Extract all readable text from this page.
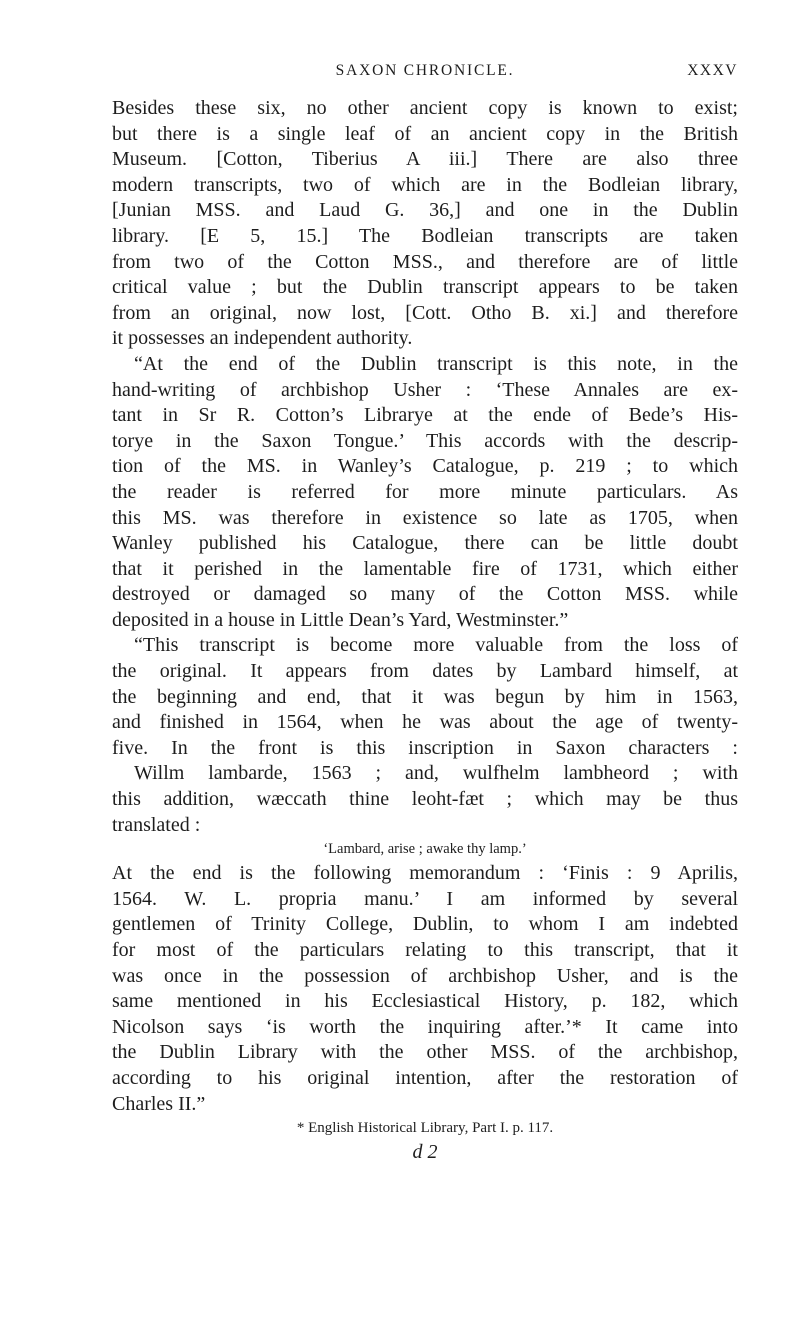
SAXON CHRONICLE.	XXXV
Besides these six, no other ancient copy is known to exist;
but there is a single leaf of an ancient copy in the British
Museum. [Cotton, Tiberius A iii.] There are also three
modern transcripts, two of which are in the Bodleian library,
[Junian MSS. and Laud G. 36,] and one in the Dublin
library. [E 5, 15.] The Bodleian transcripts are taken
from two of the Cotton MSS., and therefore are of little
critical value ; but the Dublin transcript appears to be taken
from an original, now lost, [Cott. Otho B. xi.] and therefore
it possesses an independent authority.
“At the end of the Dublin transcript is this note, in the
hand-writing of archbishop Usher : ‘These Annales are ex-
tant in Sr R. Cotton’s Librarye at the ende of Bede’s His-
torye in the Saxon Tongue.’ This accords with the descrip-
tion of the MS. in Wanley’s Catalogue, p. 219 ; to which
the reader is referred for more minute particulars. As
this MS. was therefore in existence so late as 1705, when
Wanley published his Catalogue, there can be little doubt
that it perished in the lamentable fire of 1731, which either
destroyed or damaged so many of the Cotton MSS. while
deposited in a house in Little Dean’s Yard, Westminster.”
“This transcript is become more valuable from the loss of
the original. It appears from dates by Lambard himself, at
the beginning and end, that it was begun by him in 1563,
and finished in 1564, when he was about the age of twenty-
five. In the front is this inscription in Saxon characters :
Willm lambarde, 1563 ; and, wulfhelm lambheord ; with
this addition, wæccath thine leoht-fæt ; which may be thus
translated :
‘Lambard, arise ; awake thy lamp.’
At the end is the following memorandum : ‘Finis : 9 Aprilis,
1564. W. L. propria manu.’ I am informed by several
gentlemen of Trinity College, Dublin, to whom I am indebted
for most of the particulars relating to this transcript, that it
was once in the possession of archbishop Usher, and is the
same mentioned in his Ecclesiastical History, p. 182, which
Nicolson says ‘is worth the inquiring after.’* It came into
the Dublin Library with the other MSS. of the archbishop,
according to his original intention, after the restoration of
Charles II.”
* English Historical Library, Part I. p. 117.
d 2
